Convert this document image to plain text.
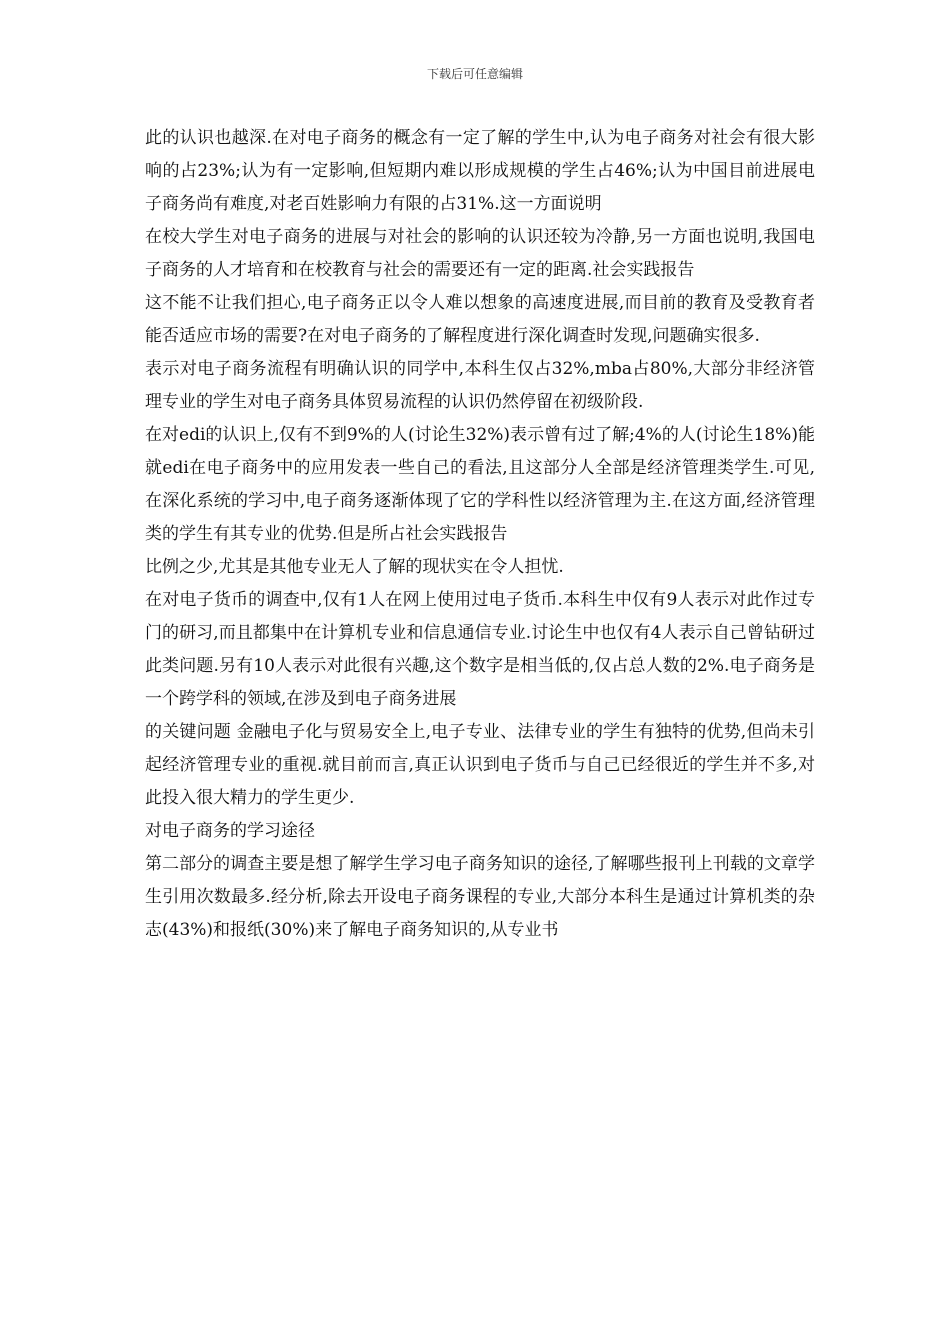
下载后可任意编辑

此的认识也越深.在对电子商务的概念有一定了解的学生中,认为电子商务对社会有很大影响的占23%;认为有一定影响,但短期内难以形成规模的学生占46%;认为中国目前进展电子商务尚有难度,对老百姓影响力有限的占31%.这一方面说明

在校大学生对电子商务的进展与对社会的影响的认识还较为冷静,另一方面也说明,我国电子商务的人才培育和在校教育与社会的需要还有一定的距离.社会实践报告

这不能不让我们担心,电子商务正以令人难以想象的高速度进展,而目前的教育及受教育者能否适应市场的需要?在对电子商务的了解程度进行深化调查时发现,问题确实很多.

表示对电子商务流程有明确认识的同学中,本科生仅占32%,mba占80%,大部分非经济管理专业的学生对电子商务具体贸易流程的认识仍然停留在初级阶段.

在对edi的认识上,仅有不到9%的人(讨论生32%)表示曾有过了解;4%的人(讨论生18%)能就edi在电子商务中的应用发表一些自己的看法,且这部分人全部是经济管理类学生.可见,在深化系统的学习中,电子商务逐渐体现了它的学科性以经济管理为主.在这方面,经济管理类的学生有其专业的优势.但是所占社会实践报告

比例之少,尤其是其他专业无人了解的现状实在令人担忧.

在对电子货币的调查中,仅有1人在网上使用过电子货币.本科生中仅有9人表示对此作过专门的研习,而且都集中在计算机专业和信息通信专业.讨论生中也仅有4人表示自己曾钻研过此类问题.另有10人表示对此很有兴趣,这个数字是相当低的,仅占总人数的2%.电子商务是一个跨学科的领域,在涉及到电子商务进展

的关键问题 金融电子化与贸易安全上,电子专业、法律专业的学生有独特的优势,但尚未引起经济管理专业的重视.就目前而言,真正认识到电子货币与自己已经很近的学生并不多,对此投入很大精力的学生更少.

对电子商务的学习途径

第二部分的调查主要是想了解学生学习电子商务知识的途径,了解哪些报刊上刊载的文章学生引用次数最多.经分析,除去开设电子商务课程的专业,大部分本科生是通过计算机类的杂志(43%)和报纸(30%)来了解电子商务知识的,从专业书
